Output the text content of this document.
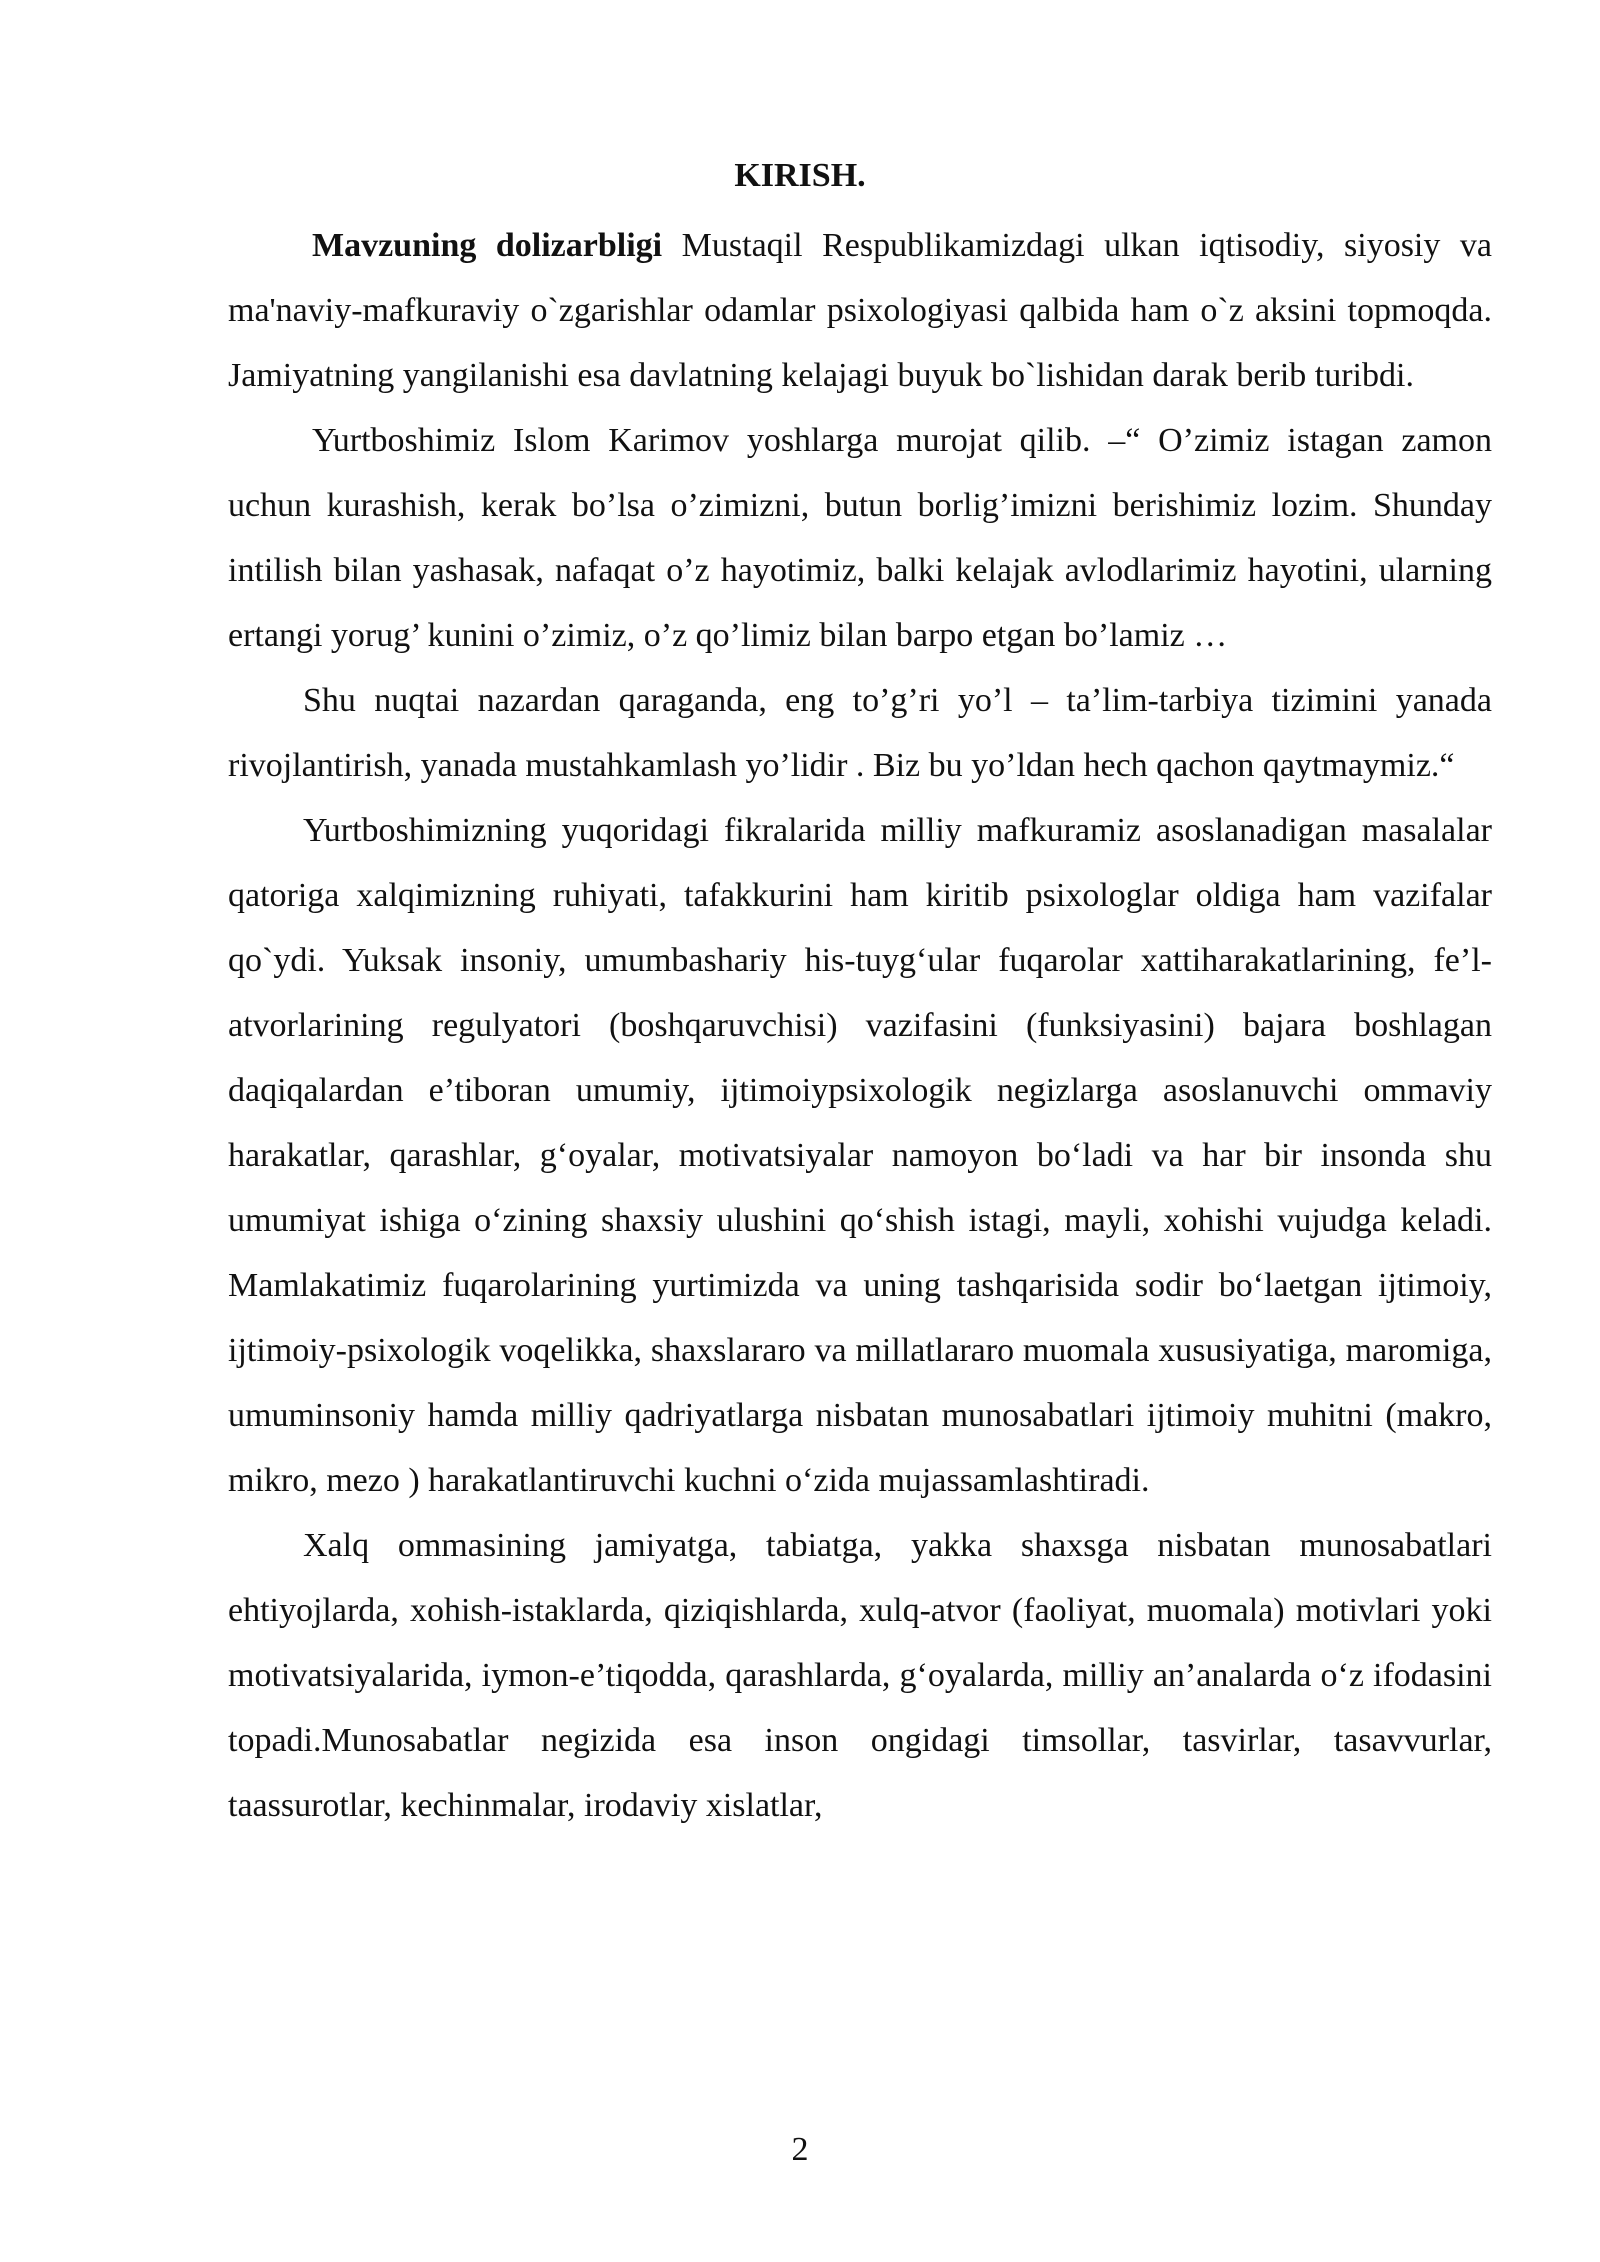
KIRISH.

Mavzuning dolizarbligi Mustaqil Respublikamizdagi ulkan iqtisodiy, siyosiy va ma'naviy-mafkuraviy o`zgarishlar odamlar psixologiyasi qalbida ham o`z aksini topmoqda. Jamiyatning yangilanishi esa davlatning kelajagi buyuk bo`lishidan darak berib turibdi.

Yurtboshimiz Islom Karimov yoshlarga murojat qilib. –“ O’zimiz istagan zamon uchun kurashish, kerak bo’lsa o’zimizni, butun borlig’imizni berishimiz lozim. Shunday intilish bilan yashasak, nafaqat o’z hayotimiz, balki kelajak avlodlarimiz hayotini, ularning ertangi yorug’ kunini o’zimiz, o’z qo’limiz bilan barpo etgan bo’lamiz …

Shu nuqtai nazardan qaraganda, eng to’g’ri yo’l – ta’lim-tarbiya tizimini yanada rivojlantirish, yanada mustahkamlash yo’lidir . Biz bu yo’ldan hech qachon qaytmaymiz.“

Yurtboshimizning yuqoridagi fikralarida milliy mafkuramiz asoslanadigan masalalar qatoriga xalqimizning ruhiyati, tafakkurini ham kiritib psixologlar oldiga ham vazifalar qo`ydi. Yuksak insoniy, umumbashariy his-tuyg‘ular fuqarolar xattiharakatlarining, fe’l-atvorlarining regulyatori (boshqaruvchisi) vazifasini (funksiyasini) bajara boshlagan daqiqalardan e’tiboran umumiy, ijtimoiypsixologik negizlarga asoslanuvchi ommaviy harakatlar, qarashlar, g‘oyalar, motivatsiyalar namoyon bo‘ladi va har bir insonda shu umumiyat ishiga o‘zining shaxsiy ulushini qo‘shish istagi, mayli, xohishi vujudga keladi. Mamlakatimiz fuqarolarining yurtimizda va uning tashqarisida sodir bo‘laetgan ijtimoiy, ijtimoiy-psixologik voqelikka, shaxslararo va millatlararo muomala xususiyatiga, maromiga, umuminsoniy hamda milliy qadriyatlarga nisbatan munosabatlari ijtimoiy muhitni (makro, mikro, mezo ) harakatlantiruvchi kuchni o‘zida mujassamlashtiradi.

Xalq ommasining jamiyatga, tabiatga, yakka shaxsga nisbatan munosabatlari ehtiyojlarda, xohish-istaklarda, qiziqishlarda, xulq-atvor (faoliyat, muomala) motivlari yoki motivatsiyalarida, iymon-e’tiqodda, qarashlarda, g‘oyalarda, milliy an’analarda o‘z ifodasini topadi.Munosabatlar negizida esa inson ongidagi timsollar, tasvirlar, tasavvurlar, taassurotlar, kechinmalar, irodaviy xislatlar,

2
